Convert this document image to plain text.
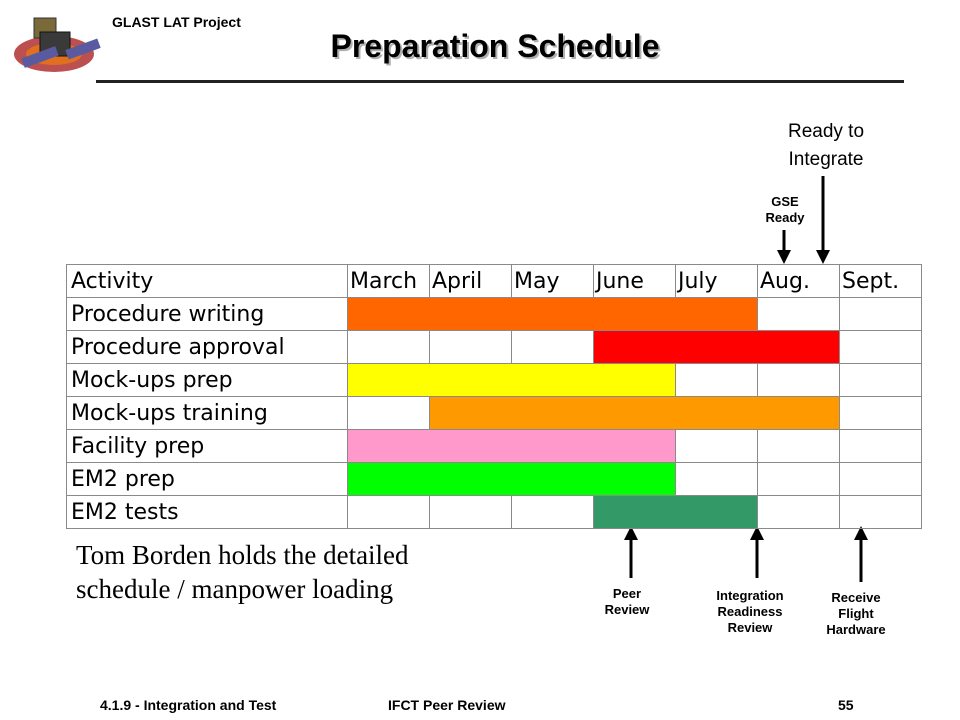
GLAST LAT Project
Preparation Schedule
Ready to
Integrate
GSE
Ready
Activity	March	April	May	June	July	Aug.	Sept.
Procedure writing					

Procedure approval						

Mock-ups prep				

Mock-ups training						

Facility prep				

EM2 prep				

EM2 tests					

Tom Borden holds the detailed
schedule / manpower loading	Peer
Review
Integration
Readiness
Review
Receive
Flight
Hardware
4.1.9 - Integration and Test	IFCT Peer Review	55
